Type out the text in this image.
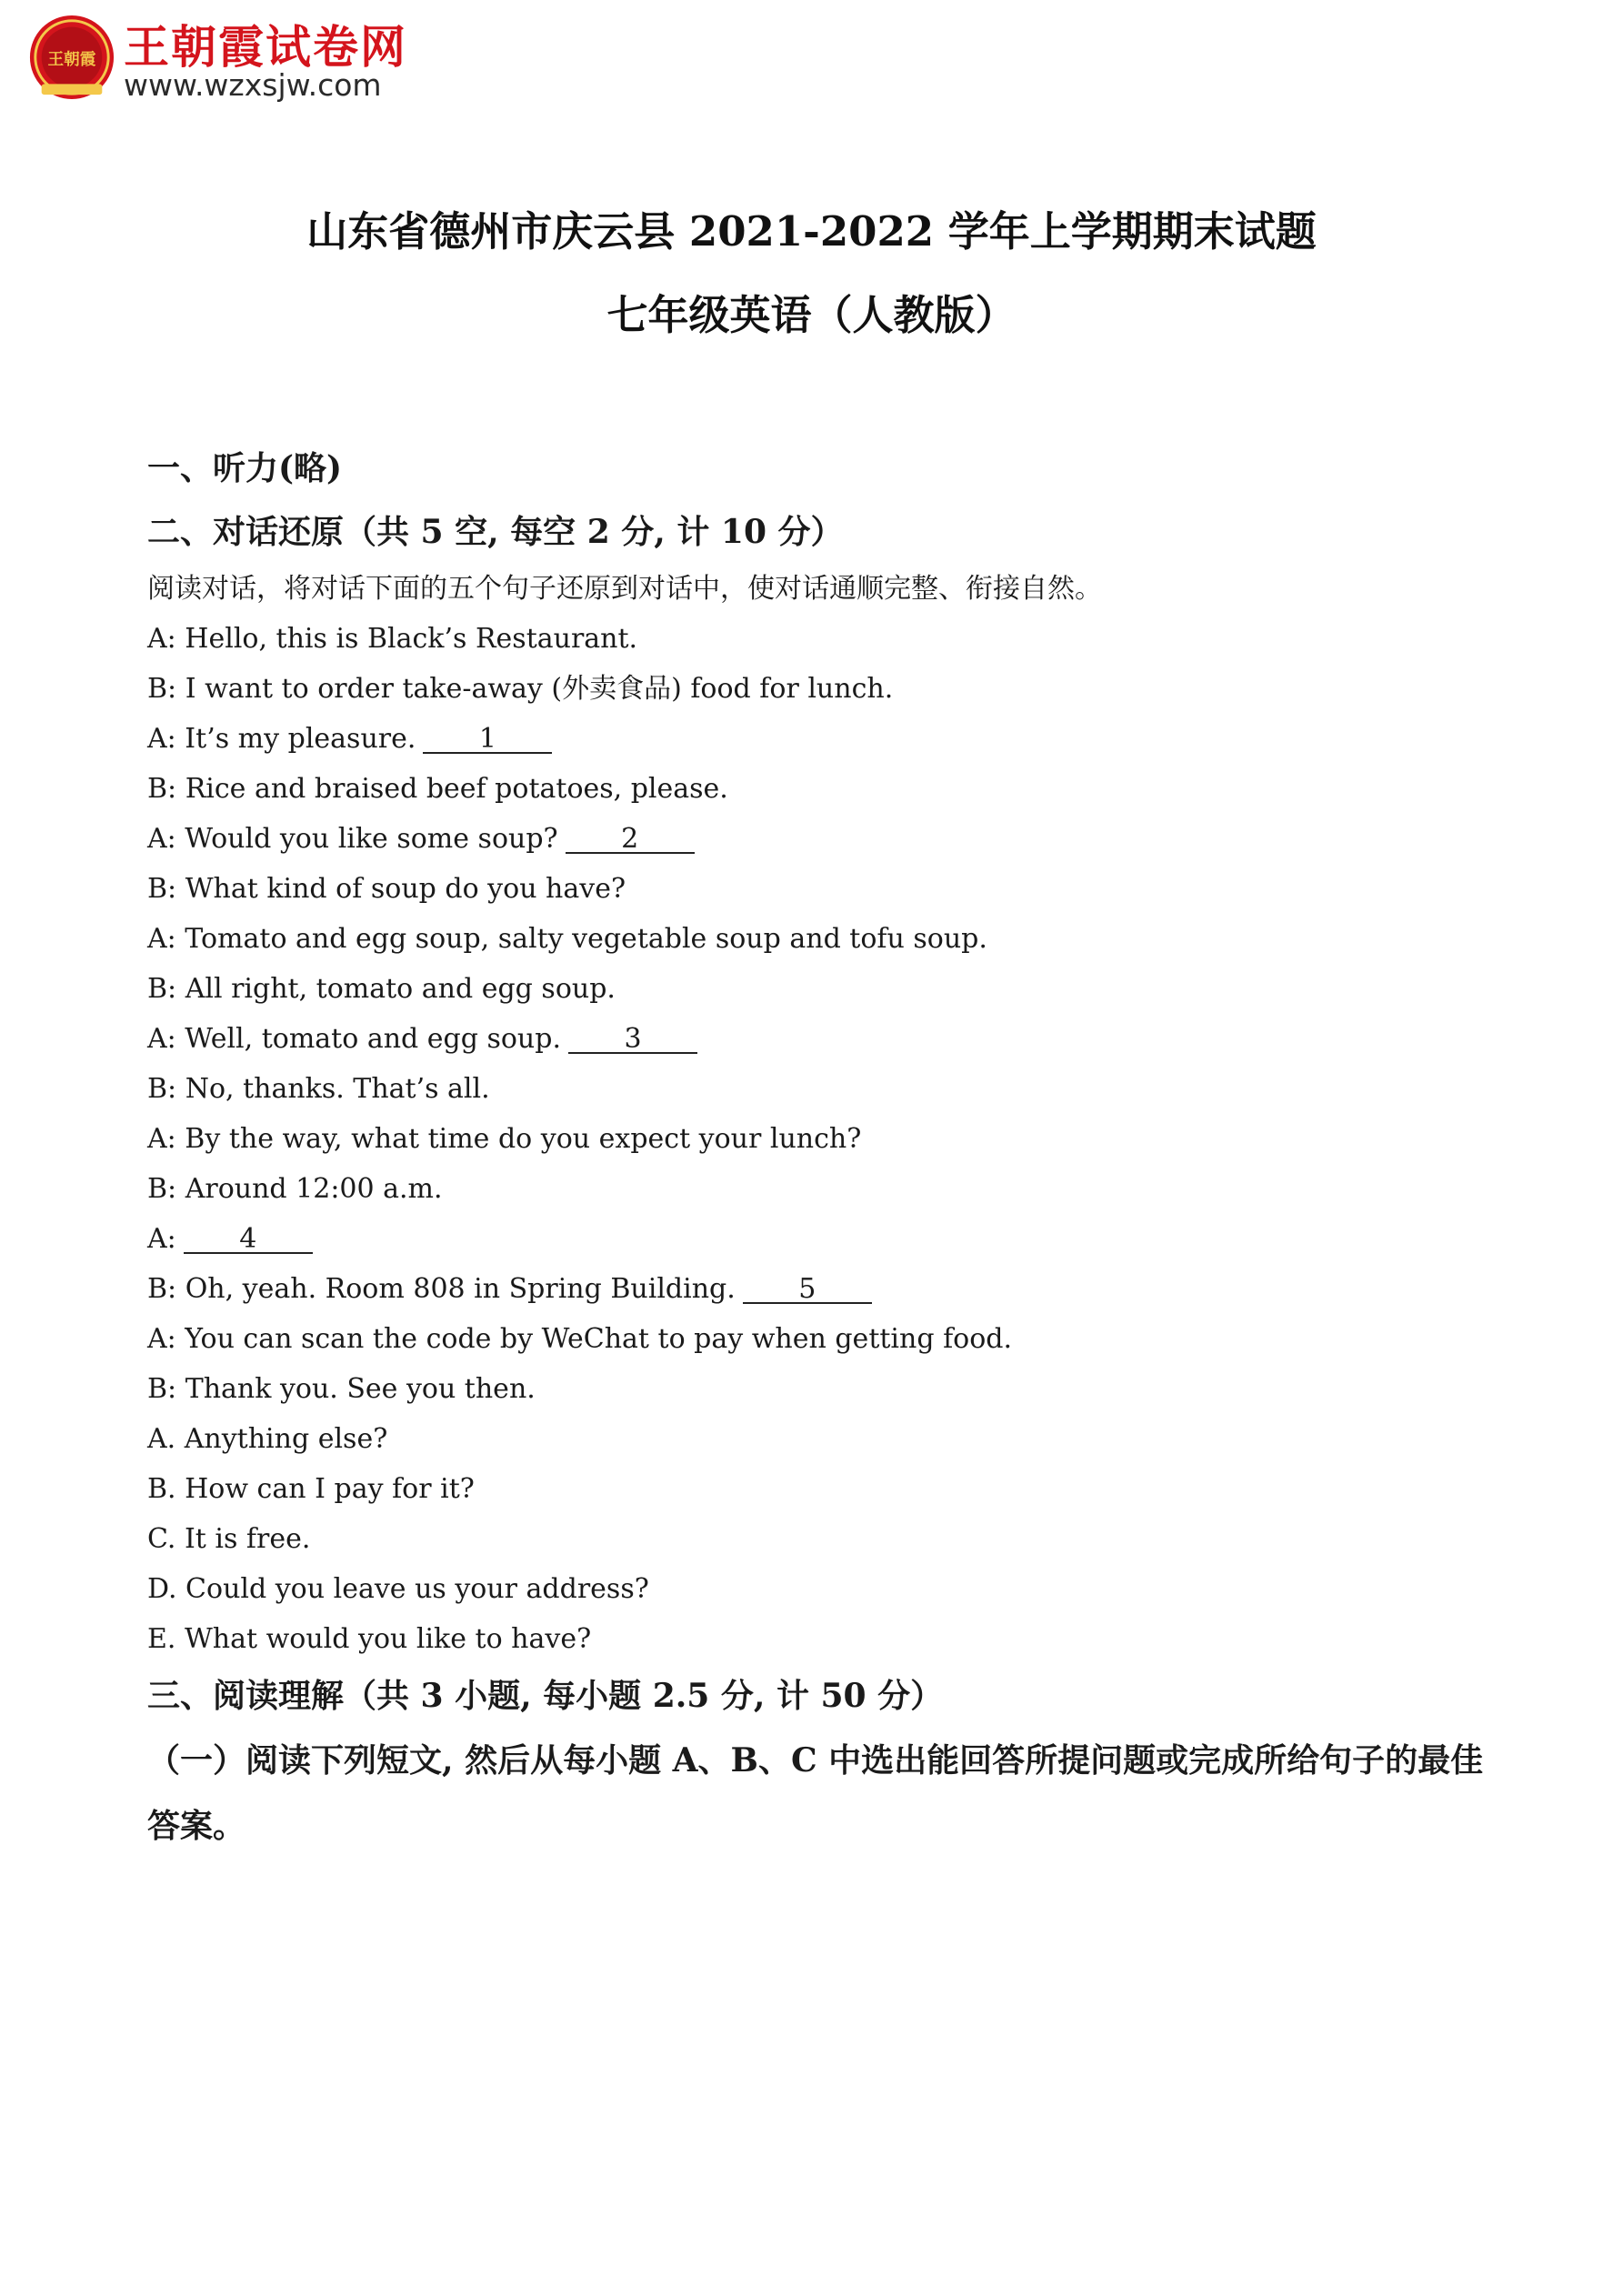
王朝霞 王朝霞试卷网
www.wzxsjw.com
山东省德州市庆云县 2021-2022 学年上学期期末试题
七年级英语（人教版）
一、听力(略)
二、对话还原（共 5 空, 每空 2 分, 计 10 分）
阅读对话，将对话下面的五个句子还原到对话中，使对话通顺完整、衔接自然。
A: Hello, this is Black’s Restaurant.
B: I want to order take-away (外卖食品) food for lunch.
A: It’s my pleasure. 1
B: Rice and braised beef potatoes, please.
A: Would you like some soup? 2
B: What kind of soup do you have?
A: Tomato and egg soup, salty vegetable soup and tofu soup.
B: All right, tomato and egg soup.
A: Well, tomato and egg soup. 3
B: No, thanks. That’s all.
A: By the way, what time do you expect your lunch?
B: Around 12:00 a.m.
A: 4
B: Oh, yeah. Room 808 in Spring Building. 5
A: You can scan the code by WeChat to pay when getting food.
B: Thank you. See you then.
A. Anything else?
B. How can I pay for it?
C. It is free.
D. Could you leave us your address?
E. What would you like to have?
三、阅读理解（共 3 小题, 每小题 2.5 分, 计 50 分）
（一）阅读下列短文, 然后从每小题 A、B、C 中选出能回答所提问题或完成所给句子的最佳答案。
